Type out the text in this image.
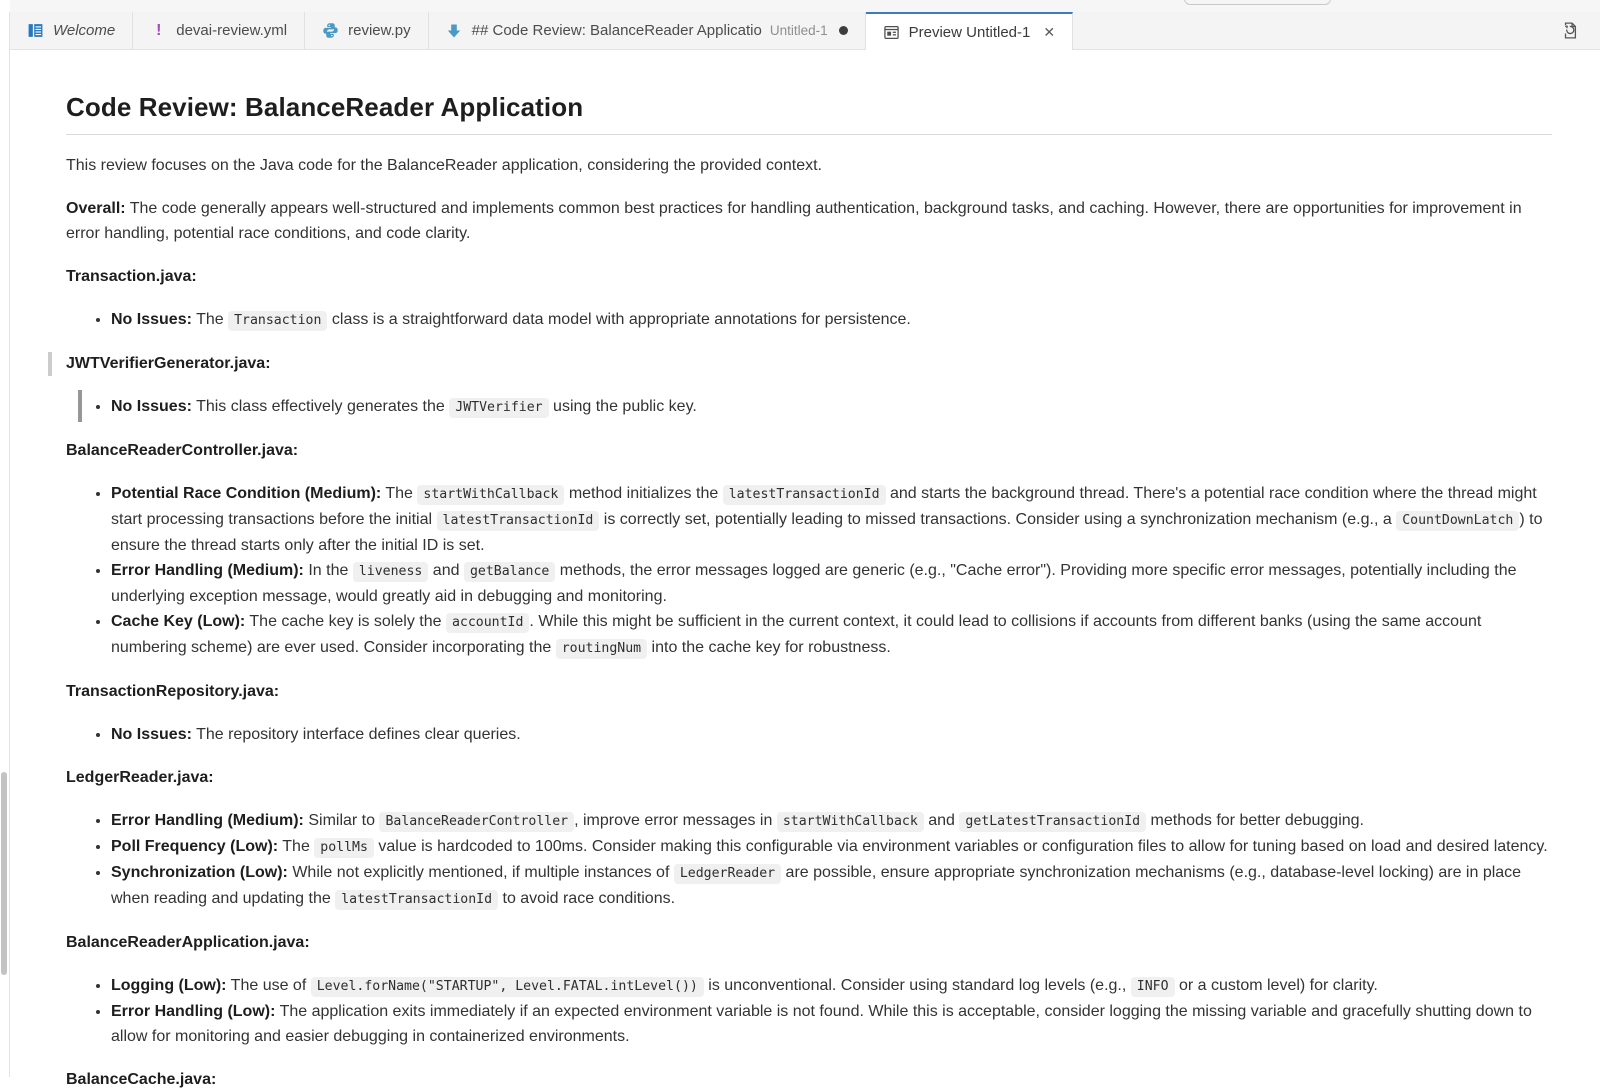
Welcome	! devai-review.yml	review.py	## Code Review: BalanceReader Applicatio Untitled-1	Preview Untitled-1 ✕
Code Review: BalanceReader Application

This review focuses on the Java code for the BalanceReader application, considering the provided context.

Overall: The code generally appears well-structured and implements common best practices for handling authentication, background tasks, and caching. However, there are opportunities for improvement in error handling, potential race conditions, and code clarity.

Transaction.java:
• No Issues: The Transaction class is a straightforward data model with appropriate annotations for persistence.
JWTVerifierGenerator.java:
• No Issues: This class effectively generates the JWTVerifier using the public key.
BalanceReaderController.java:
• Potential Race Condition (Medium): The startWithCallback method initializes the latestTransactionId and starts the background thread. There's a potential race condition where the thread might start processing transactions before the initial latestTransactionId is correctly set, potentially leading to missed transactions. Consider using a synchronization mechanism (e.g., a CountDownLatch ) to ensure the thread starts only after the initial ID is set.
• Error Handling (Medium): In the liveness and getBalance methods, the error messages logged are generic (e.g., "Cache error"). Providing more specific error messages, potentially including the underlying exception message, would greatly aid in debugging and monitoring.
• Cache Key (Low): The cache key is solely the accountId . While this might be sufficient in the current context, it could lead to collisions if accounts from different banks (using the same account numbering scheme) are ever used. Consider incorporating the routingNum into the cache key for robustness.
TransactionRepository.java:
• No Issues: The repository interface defines clear queries.
LedgerReader.java:
• Error Handling (Medium): Similar to BalanceReaderController , improve error messages in startWithCallback and getLatestTransactionId methods for better debugging.
• Poll Frequency (Low): The pollMs value is hardcoded to 100ms. Consider making this configurable via environment variables or configuration files to allow for tuning based on load and desired latency.
• Synchronization (Low): While not explicitly mentioned, if multiple instances of LedgerReader are possible, ensure appropriate synchronization mechanisms (e.g., database-level locking) are in place when reading and updating the latestTransactionId to avoid race conditions.
BalanceReaderApplication.java:
• Logging (Low): The use of Level.forName("STARTUP", Level.FATAL.intLevel()) is unconventional. Consider using standard log levels (e.g., INFO or a custom level) for clarity.
• Error Handling (Low): The application exits immediately if an expected environment variable is not found. While this is acceptable, consider logging the missing variable and gracefully shutting down to allow for monitoring and easier debugging in containerized environments.
BalanceCache.java:
